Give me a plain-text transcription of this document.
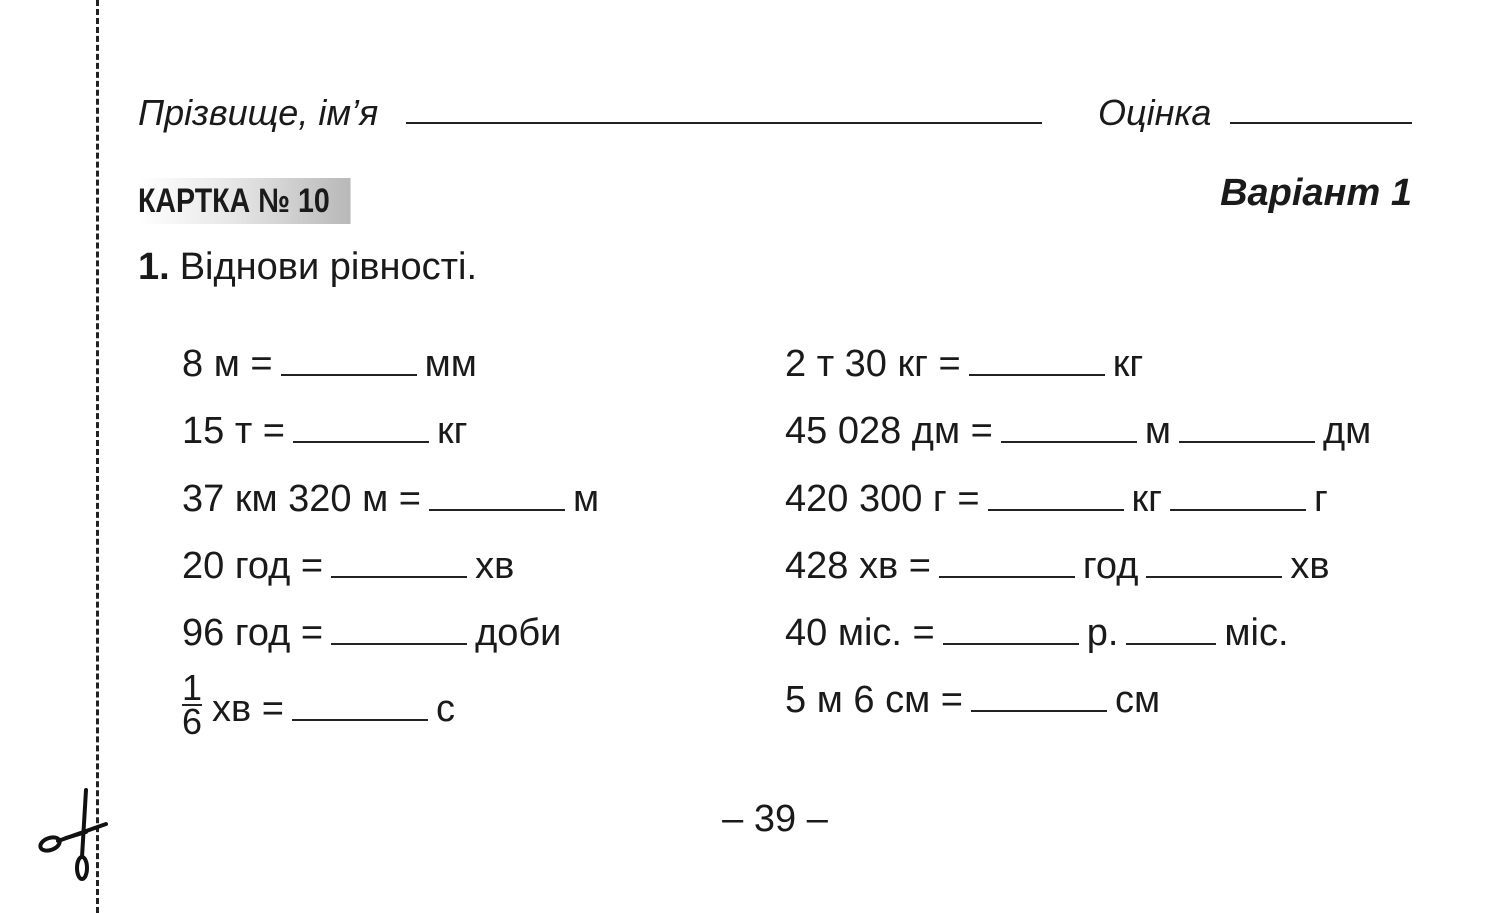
Прізвище, ім’я	Оцінка
КАРТКА № 10	Варіант 1
1. Віднови рівності.
8 м =	мм
15 т =	кг
37 км 320 м =	м
20 год =	хв
96 год =	доби
$\frac{1}{6}$ хв =	с
2 т 30 кг =	кг
45 028 дм =	м	дм
420 300 г =	кг	г
428 хв =	год	хв
40 міс. =	р.	міс.
5 м 6 см =	см
– 39 –
